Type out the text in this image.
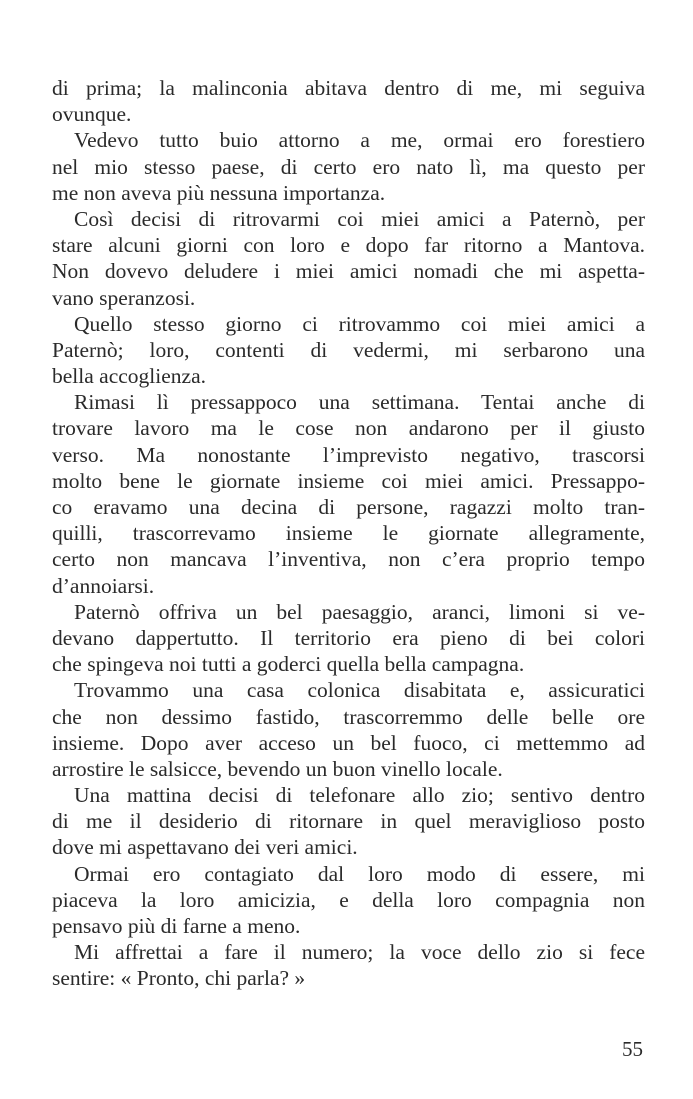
di prima; la malinconia abitava dentro di me, mi seguiva
ovunque.
Vedevo tutto buio attorno a me, ormai ero forestiero
nel mio stesso paese, di certo ero nato lì, ma questo per
me non aveva più nessuna importanza.
Così decisi di ritrovarmi coi miei amici a Paternò, per
stare alcuni giorni con loro e dopo far ritorno a Mantova.
Non dovevo deludere i miei amici nomadi che mi aspetta-
vano speranzosi.
Quello stesso giorno ci ritrovammo coi miei amici a
Paternò; loro, contenti di vedermi, mi serbarono una
bella accoglienza.
Rimasi lì pressappoco una settimana. Tentai anche di
trovare lavoro ma le cose non andarono per il giusto
verso. Ma nonostante l’imprevisto negativo, trascorsi
molto bene le giornate insieme coi miei amici. Pressappo-
co eravamo una decina di persone, ragazzi molto tran-
quilli, trascorrevamo insieme le giornate allegramente,
certo non mancava l’inventiva, non c’era proprio tempo
d’annoiarsi.
Paternò offriva un bel paesaggio, aranci, limoni si ve-
devano dappertutto. Il territorio era pieno di bei colori
che spingeva noi tutti a goderci quella bella campagna.
Trovammo una casa colonica disabitata e, assicuratici
che non dessimo fastido, trascorremmo delle belle ore
insieme. Dopo aver acceso un bel fuoco, ci mettemmo ad
arrostire le salsicce, bevendo un buon vinello locale.
Una mattina decisi di telefonare allo zio; sentivo dentro
di me il desiderio di ritornare in quel meraviglioso posto
dove mi aspettavano dei veri amici.
Ormai ero contagiato dal loro modo di essere, mi
piaceva la loro amicizia, e della loro compagnia non
pensavo più di farne a meno.
Mi affrettai a fare il numero; la voce dello zio si fece
sentire: « Pronto, chi parla? »
55
